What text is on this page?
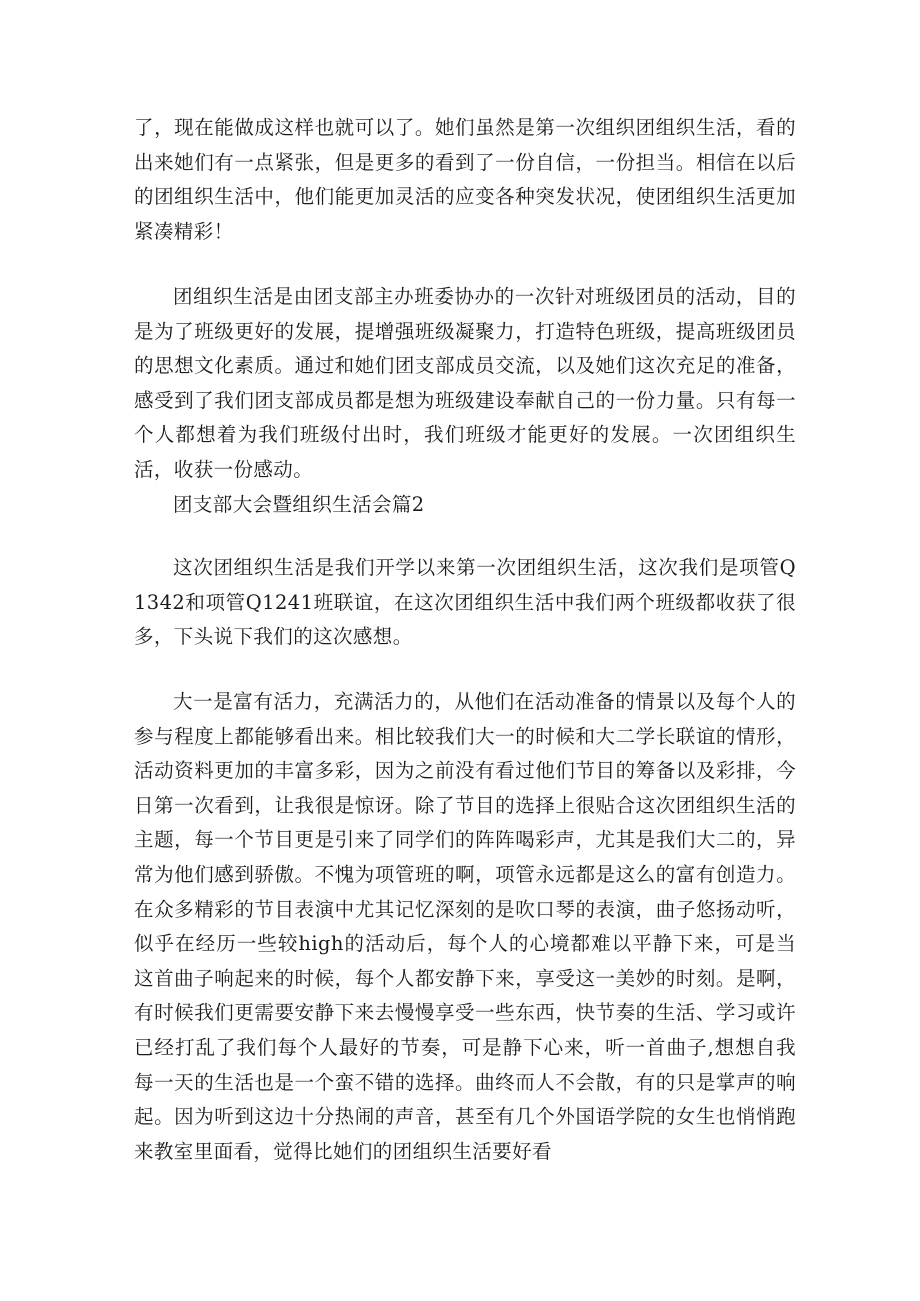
了，现在能做成这样也就可以了。她们虽然是第一次组织团组织生活，看的出来她们有一点紧张，但是更多的看到了一份自信，一份担当。相信在以后的团组织生活中，他们能更加灵活的应变各种突发状况，使团组织生活更加紧凑精彩！

团组织生活是由团支部主办班委协办的一次针对班级团员的活动，目的是为了班级更好的发展，提增强班级凝聚力，打造特色班级，提高班级团员的思想文化素质。通过和她们团支部成员交流，以及她们这次充足的准备，感受到了我们团支部成员都是想为班级建设奉献自己的一份力量。只有每一个人都想着为我们班级付出时，我们班级才能更好的发展。一次团组织生活，收获一份感动。

团支部大会暨组织生活会篇2

这次团组织生活是我们开学以来第一次团组织生活，这次我们是项管Q1342和项管Q1241班联谊，在这次团组织生活中我们两个班级都收获了很多，下头说下我们的这次感想。

大一是富有活力，充满活力的，从他们在活动准备的情景以及每个人的参与程度上都能够看出来。相比较我们大一的时候和大二学长联谊的情形，活动资料更加的丰富多彩，因为之前没有看过他们节目的筹备以及彩排，今日第一次看到，让我很是惊讶。除了节目的选择上很贴合这次团组织生活的主题，每一个节目更是引来了同学们的阵阵喝彩声，尤其是我们大二的，异常为他们感到骄傲。不愧为项管班的啊，项管永远都是这么的富有创造力。在众多精彩的节目表演中尤其记忆深刻的是吹口琴的表演，曲子悠扬动听，似乎在经历一些较high的活动后，每个人的心境都难以平静下来，可是当这首曲子响起来的时候，每个人都安静下来，享受这一美妙的时刻。是啊，有时候我们更需要安静下来去慢慢享受一些东西，快节奏的生活、学习或许已经打乱了我们每个人最好的节奏，可是静下心来，听一首曲子,想想自我每一天的生活也是一个蛮不错的选择。曲终而人不会散，有的只是掌声的响起。因为听到这边十分热闹的声音，甚至有几个外国语学院的女生也悄悄跑来教室里面看，觉得比她们的团组织生活要好看
